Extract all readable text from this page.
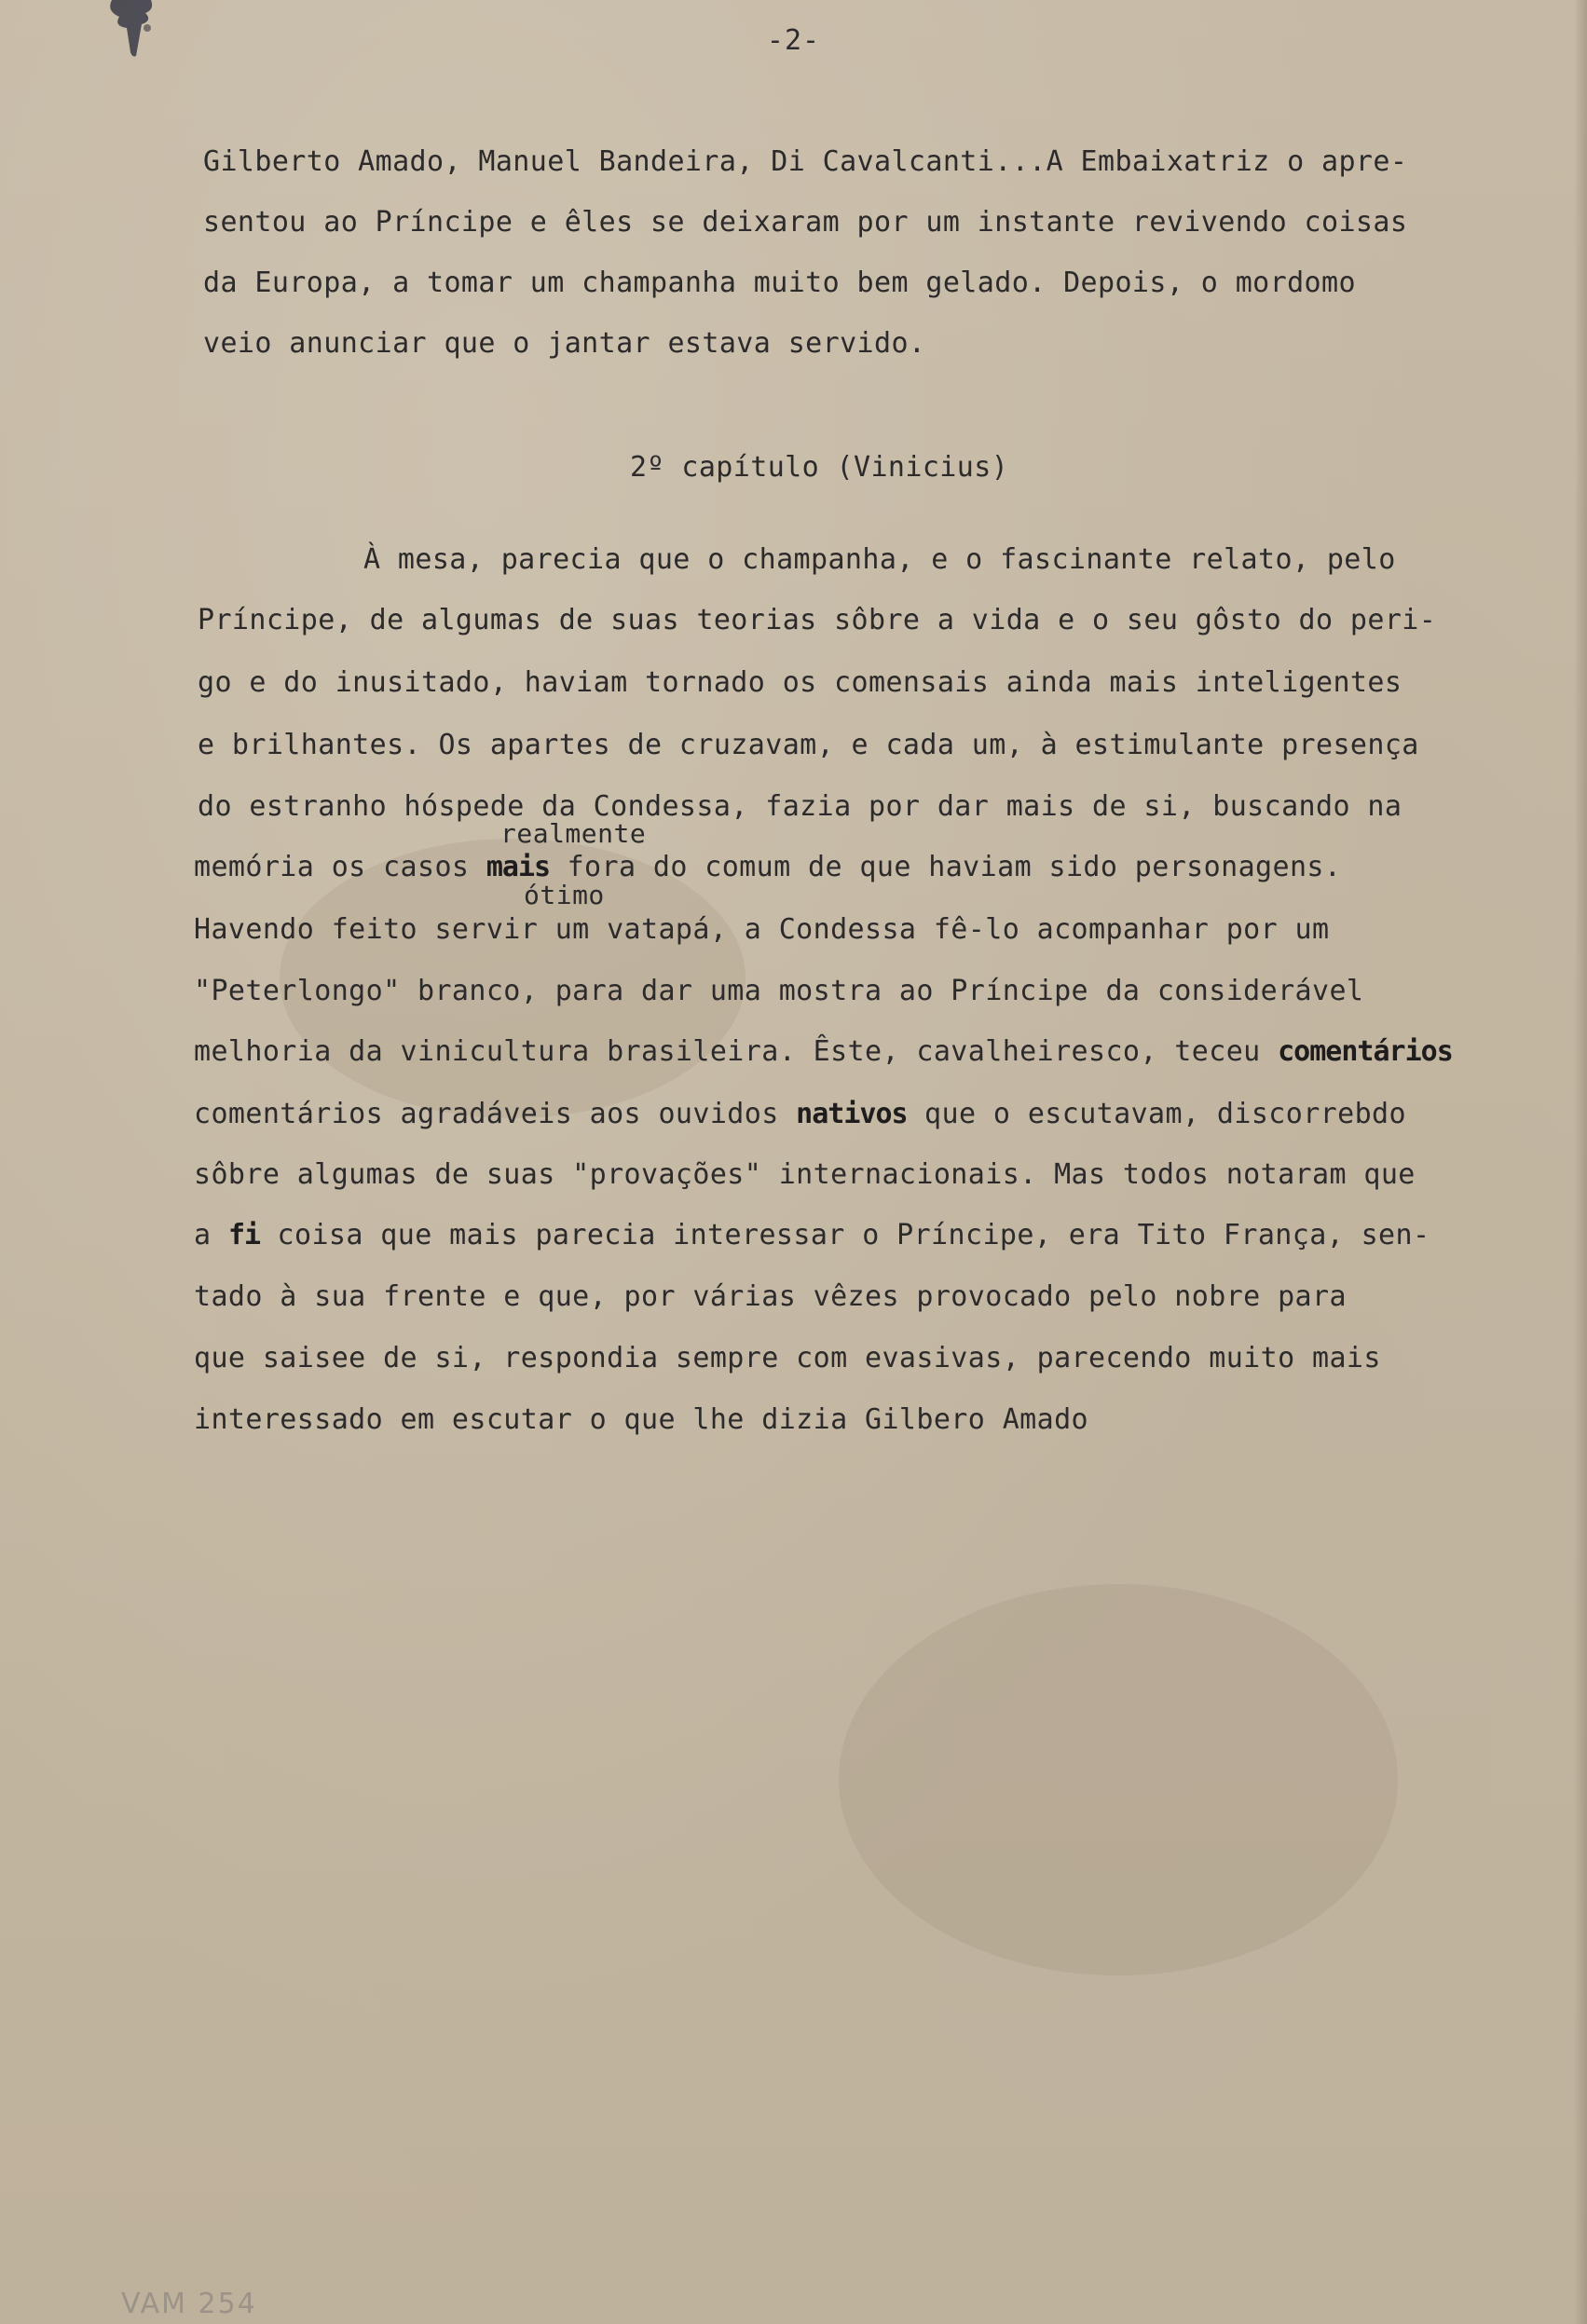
-2-
Gilberto Amado, Manuel Bandeira, Di Cavalcanti...A Embaixatriz o apre-
sentou ao Príncipe e êles se deixaram por um instante revivendo coisas
da Europa, a tomar um champanha muito bem gelado. Depois, o mordomo
veio anunciar que o jantar estava servido.
2º capítulo (Vinicius)
À mesa, parecia que o champanha, e o fascinante relato, pelo
Príncipe, de algumas de suas teorias sôbre a vida e o seu gôsto do peri-
go e do inusitado, haviam tornado os comensais ainda mais inteligentes
e brilhantes. Os apartes de cruzavam, e cada um, à estimulante presença
do estranho hóspede da Condessa, fazia por dar mais de si, buscando na
realmente
memória os casos mais fora do comum de que haviam sido personagens.
ótimo
Havendo feito servir um vatapá, a Condessa fê-lo acompanhar por um
"Peterlongo" branco, para dar uma mostra ao Príncipe da considerável
melhoria da vinicultura brasileira. Êste, cavalheiresco, teceu comentários
comentários agradáveis aos ouvidos nativos que o escutavam, discorrebdo
sôbre algumas de suas "provações" internacionais. Mas todos notaram que
a fi coisa que mais parecia interessar o Príncipe, era Tito França, sen-
tado à sua frente e que, por várias vêzes provocado pelo nobre para
que saisee de si, respondia sempre com evasivas, parecendo muito mais
interessado em escutar o que lhe dizia Gilbero Amado
VAM 254
